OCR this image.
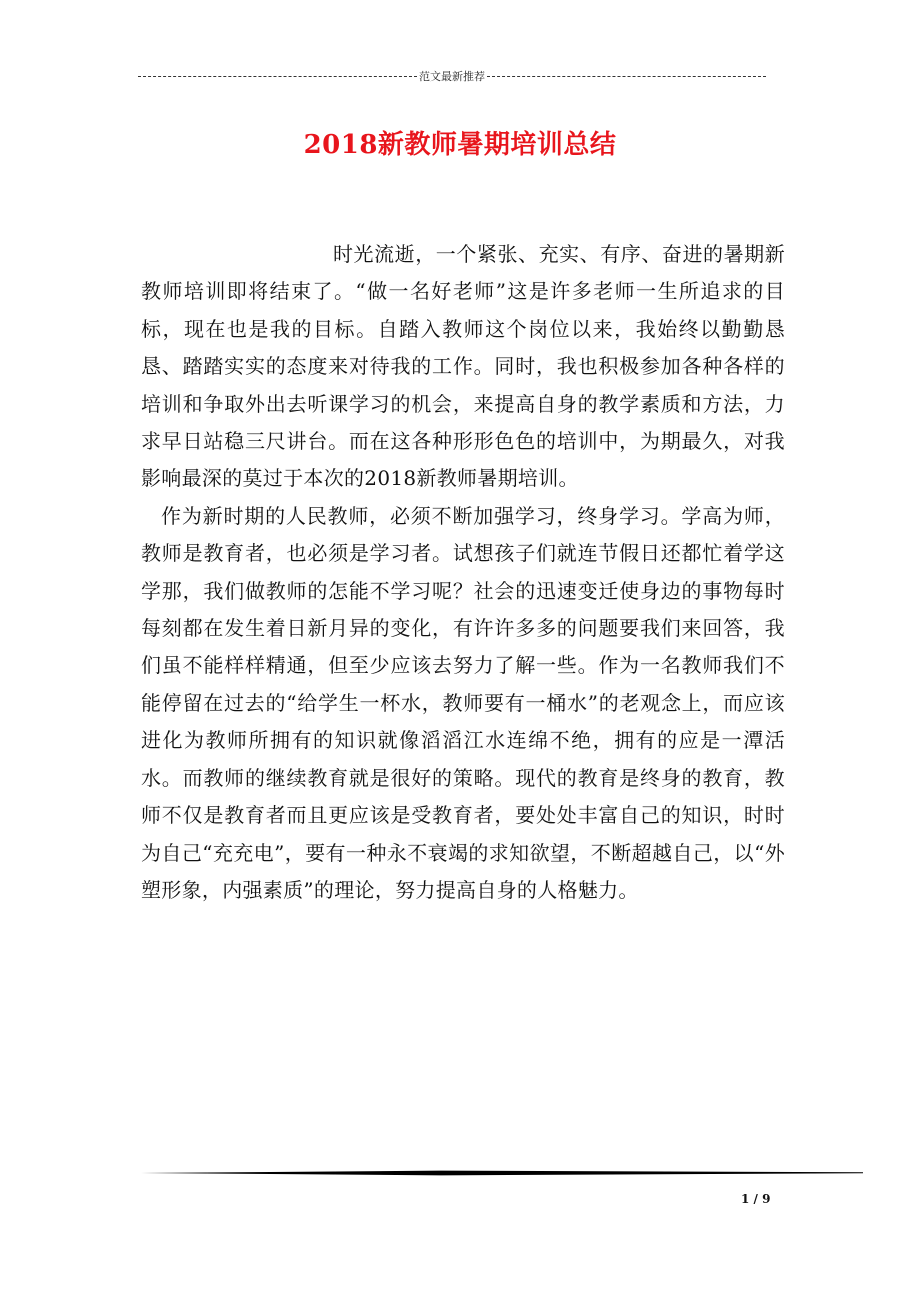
范文最新推荐
2018新教师暑期培训总结

时光流逝，一个紧张、充实、有序、奋进的暑期新教师培训即将结束了。“做一名好老师”这是许多老师一生所追求的目标，现在也是我的目标。自踏入教师这个岗位以来，我始终以勤勤恳恳、踏踏实实的态度来对待我的工作。同时，我也积极参加各种各样的培训和争取外出去听课学习的机会，来提高自身的教学素质和方法，力求早日站稳三尺讲台。而在这各种形形色色的培训中，为期最久，对我影响最深的莫过于本次的2018新教师暑期培训。

作为新时期的人民教师，必须不断加强学习，终身学习。学高为师，教师是教育者，也必须是学习者。试想孩子们就连节假日还都忙着学这学那，我们做教师的怎能不学习呢？社会的迅速变迁使身边的事物每时每刻都在发生着日新月异的变化，有许许多多的问题要我们来回答，我们虽不能样样精通，但至少应该去努力了解一些。作为一名教师我们不能停留在过去的“给学生一杯水，教师要有一桶水”的老观念上，而应该进化为教师所拥有的知识就像滔滔江水连绵不绝，拥有的应是一潭活水。而教师的继续教育就是很好的策略。现代的教育是终身的教育，教师不仅是教育者而且更应该是受教育者，要处处丰富自己的知识，时时为自己“充充电”，要有一种永不衰竭的求知欲望，不断超越自己，以“外塑形象，内强素质”的理论，努力提高自身的人格魅力。

1 / 9
